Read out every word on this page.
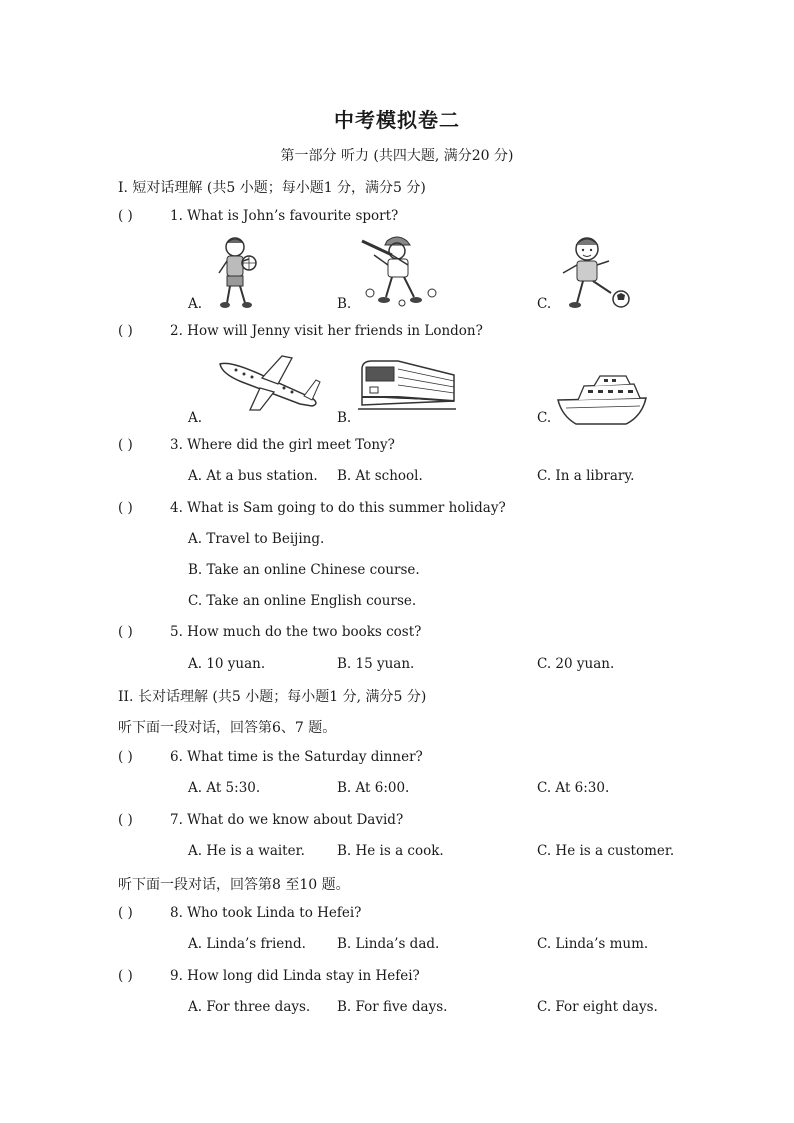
中考模拟卷二
第一部分 听力 (共四大题, 满分20 分)
I. 短对话理解 (共5 小题；每小题1 分，满分5 分)
( )	1. What is John’s favourite sport?
A.	B.	C.
( )	2. How will Jenny visit her friends in London?
A.	B.	C.
( )	3. Where did the girl meet Tony?
A. At a bus station. B. At school.	C. In a library.
( )	4. What is Sam going to do this summer holiday?
A. Travel to Beijing.
B. Take an online Chinese course.
C. Take an online English course.
( )	5. How much do the two books cost?
A. 10 yuan.	B. 15 yuan.	C. 20 yuan.
II. 长对话理解 (共5 小题；每小题1 分, 满分5 分)
听下面一段对话，回答第6、7 题。
( )	6. What time is the Saturday dinner?
A. At 5:30.	B. At 6:00.	C. At 6:30.
( )	7. What do we know about David?
A. He is a waiter. B. He is a cook.	C. He is a customer.
听下面一段对话，回答第8 至10 题。
( )	8. Who took Linda to Hefei?
A. Linda’s friend. B. Linda’s dad.	C. Linda’s mum.
( )	9. How long did Linda stay in Hefei?
A. For three days. B. For five days.	C. For eight days.
